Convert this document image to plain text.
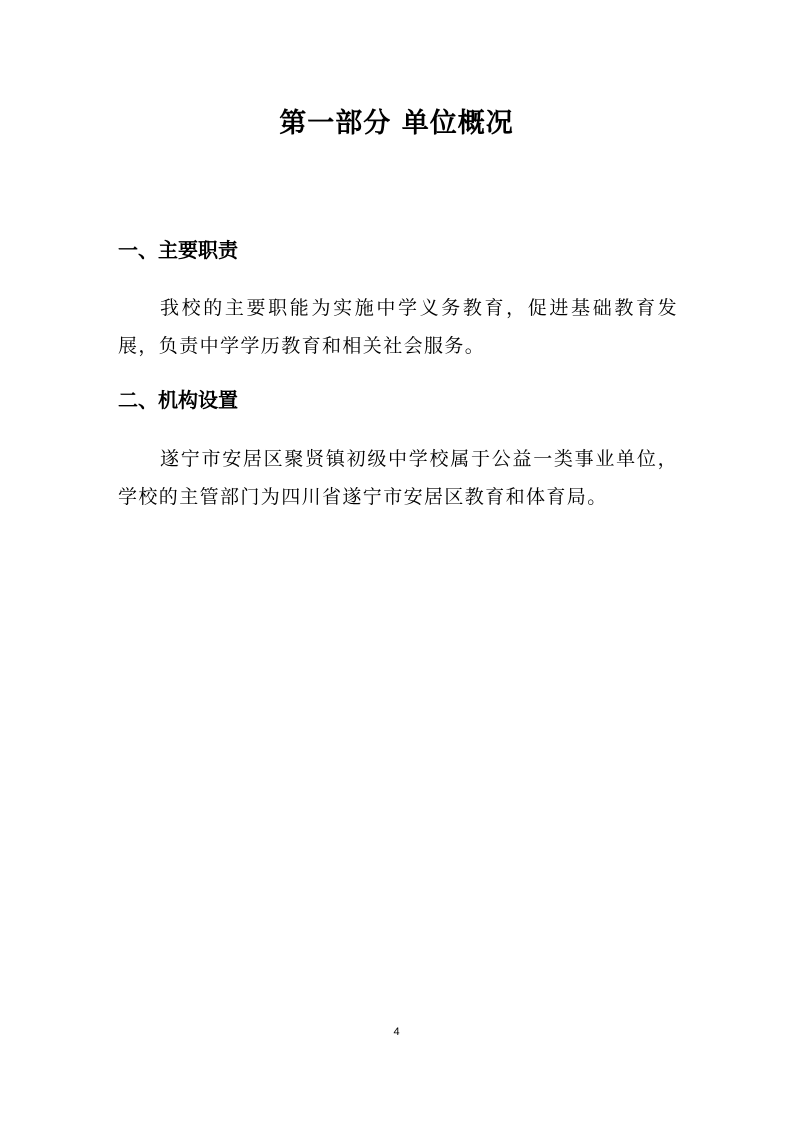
第一部分 单位概况
一、主要职责

我校的主要职能为实施中学义务教育，促进基础教育发展，负责中学学历教育和相关社会服务。

二、机构设置

遂宁市安居区聚贤镇初级中学校属于公益一类事业单位，学校的主管部门为四川省遂宁市安居区教育和体育局。

4
